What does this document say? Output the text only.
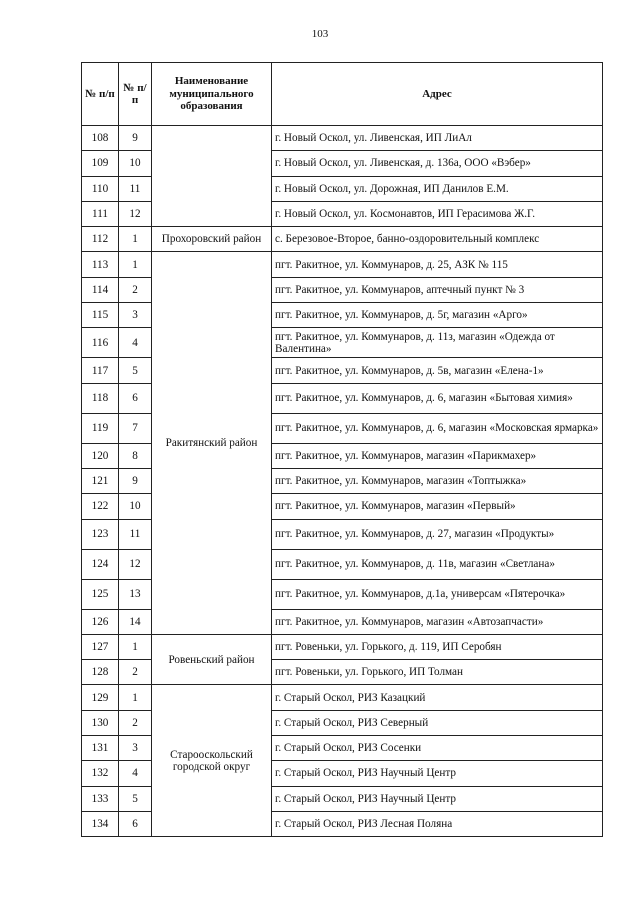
103
№ п/п	№ п/п	Наименование муниципального образования	Адрес
108	9		г. Новый Оскол, ул. Ливенская, ИП ЛиАл
109	10		г. Новый Оскол, ул. Ливенская, д. 136а, ООО «Вэбер»
110	11		г. Новый Оскол, ул. Дорожная, ИП Данилов Е.М.
111	12		г. Новый Оскол, ул. Космонавтов, ИП Герасимова Ж.Г.
112	1	Прохоровский район	с. Березовое-Второе, банно-оздоровительный комплекс
113	1	Ракитянский район	пгт. Ракитное, ул. Коммунаров, д. 25, АЗК № 115
114	2		пгт. Ракитное, ул. Коммунаров, аптечный пункт № 3
115	3		пгт. Ракитное, ул. Коммунаров, д. 5г, магазин «Арго»
116	4		пгт. Ракитное, ул. Коммунаров, д. 11з, магазин «Одежда от Валентина»
117	5		пгт. Ракитное, ул. Коммунаров, д. 5в, магазин «Елена-1»
118	6		пгт. Ракитное, ул. Коммунаров, д. 6, магазин «Бытовая химия»
119	7		пгт. Ракитное, ул. Коммунаров, д. 6, магазин «Московская ярмарка»
120	8		пгт. Ракитное, ул. Коммунаров, магазин «Парикмахер»
121	9		пгт. Ракитное, ул. Коммунаров, магазин «Топтыжка»
122	10		пгт. Ракитное, ул. Коммунаров, магазин «Первый»
123	11		пгт. Ракитное, ул. Коммунаров, д. 27, магазин «Продукты»
124	12		пгт. Ракитное, ул. Коммунаров, д. 11в, магазин «Светлана»
125	13		пгт. Ракитное, ул. Коммунаров, д.1а, универсам «Пятерочка»
126	14		пгт. Ракитное, ул. Коммунаров, магазин «Автозапчасти»
127	1	Ровеньский район	пгт. Ровеньки, ул. Горького, д. 119, ИП Серобян
128	2		пгт. Ровеньки, ул. Горького, ИП Толман
129	1	Старооскольский городской округ	г. Старый Оскол, РИЗ Казацкий
130	2		г. Старый Оскол, РИЗ Северный
131	3		г. Старый Оскол, РИЗ Сосенки
132	4		г. Старый Оскол, РИЗ Научный Центр
133	5		г. Старый Оскол, РИЗ Научный Центр
134	6		г. Старый Оскол, РИЗ Лесная Поляна
